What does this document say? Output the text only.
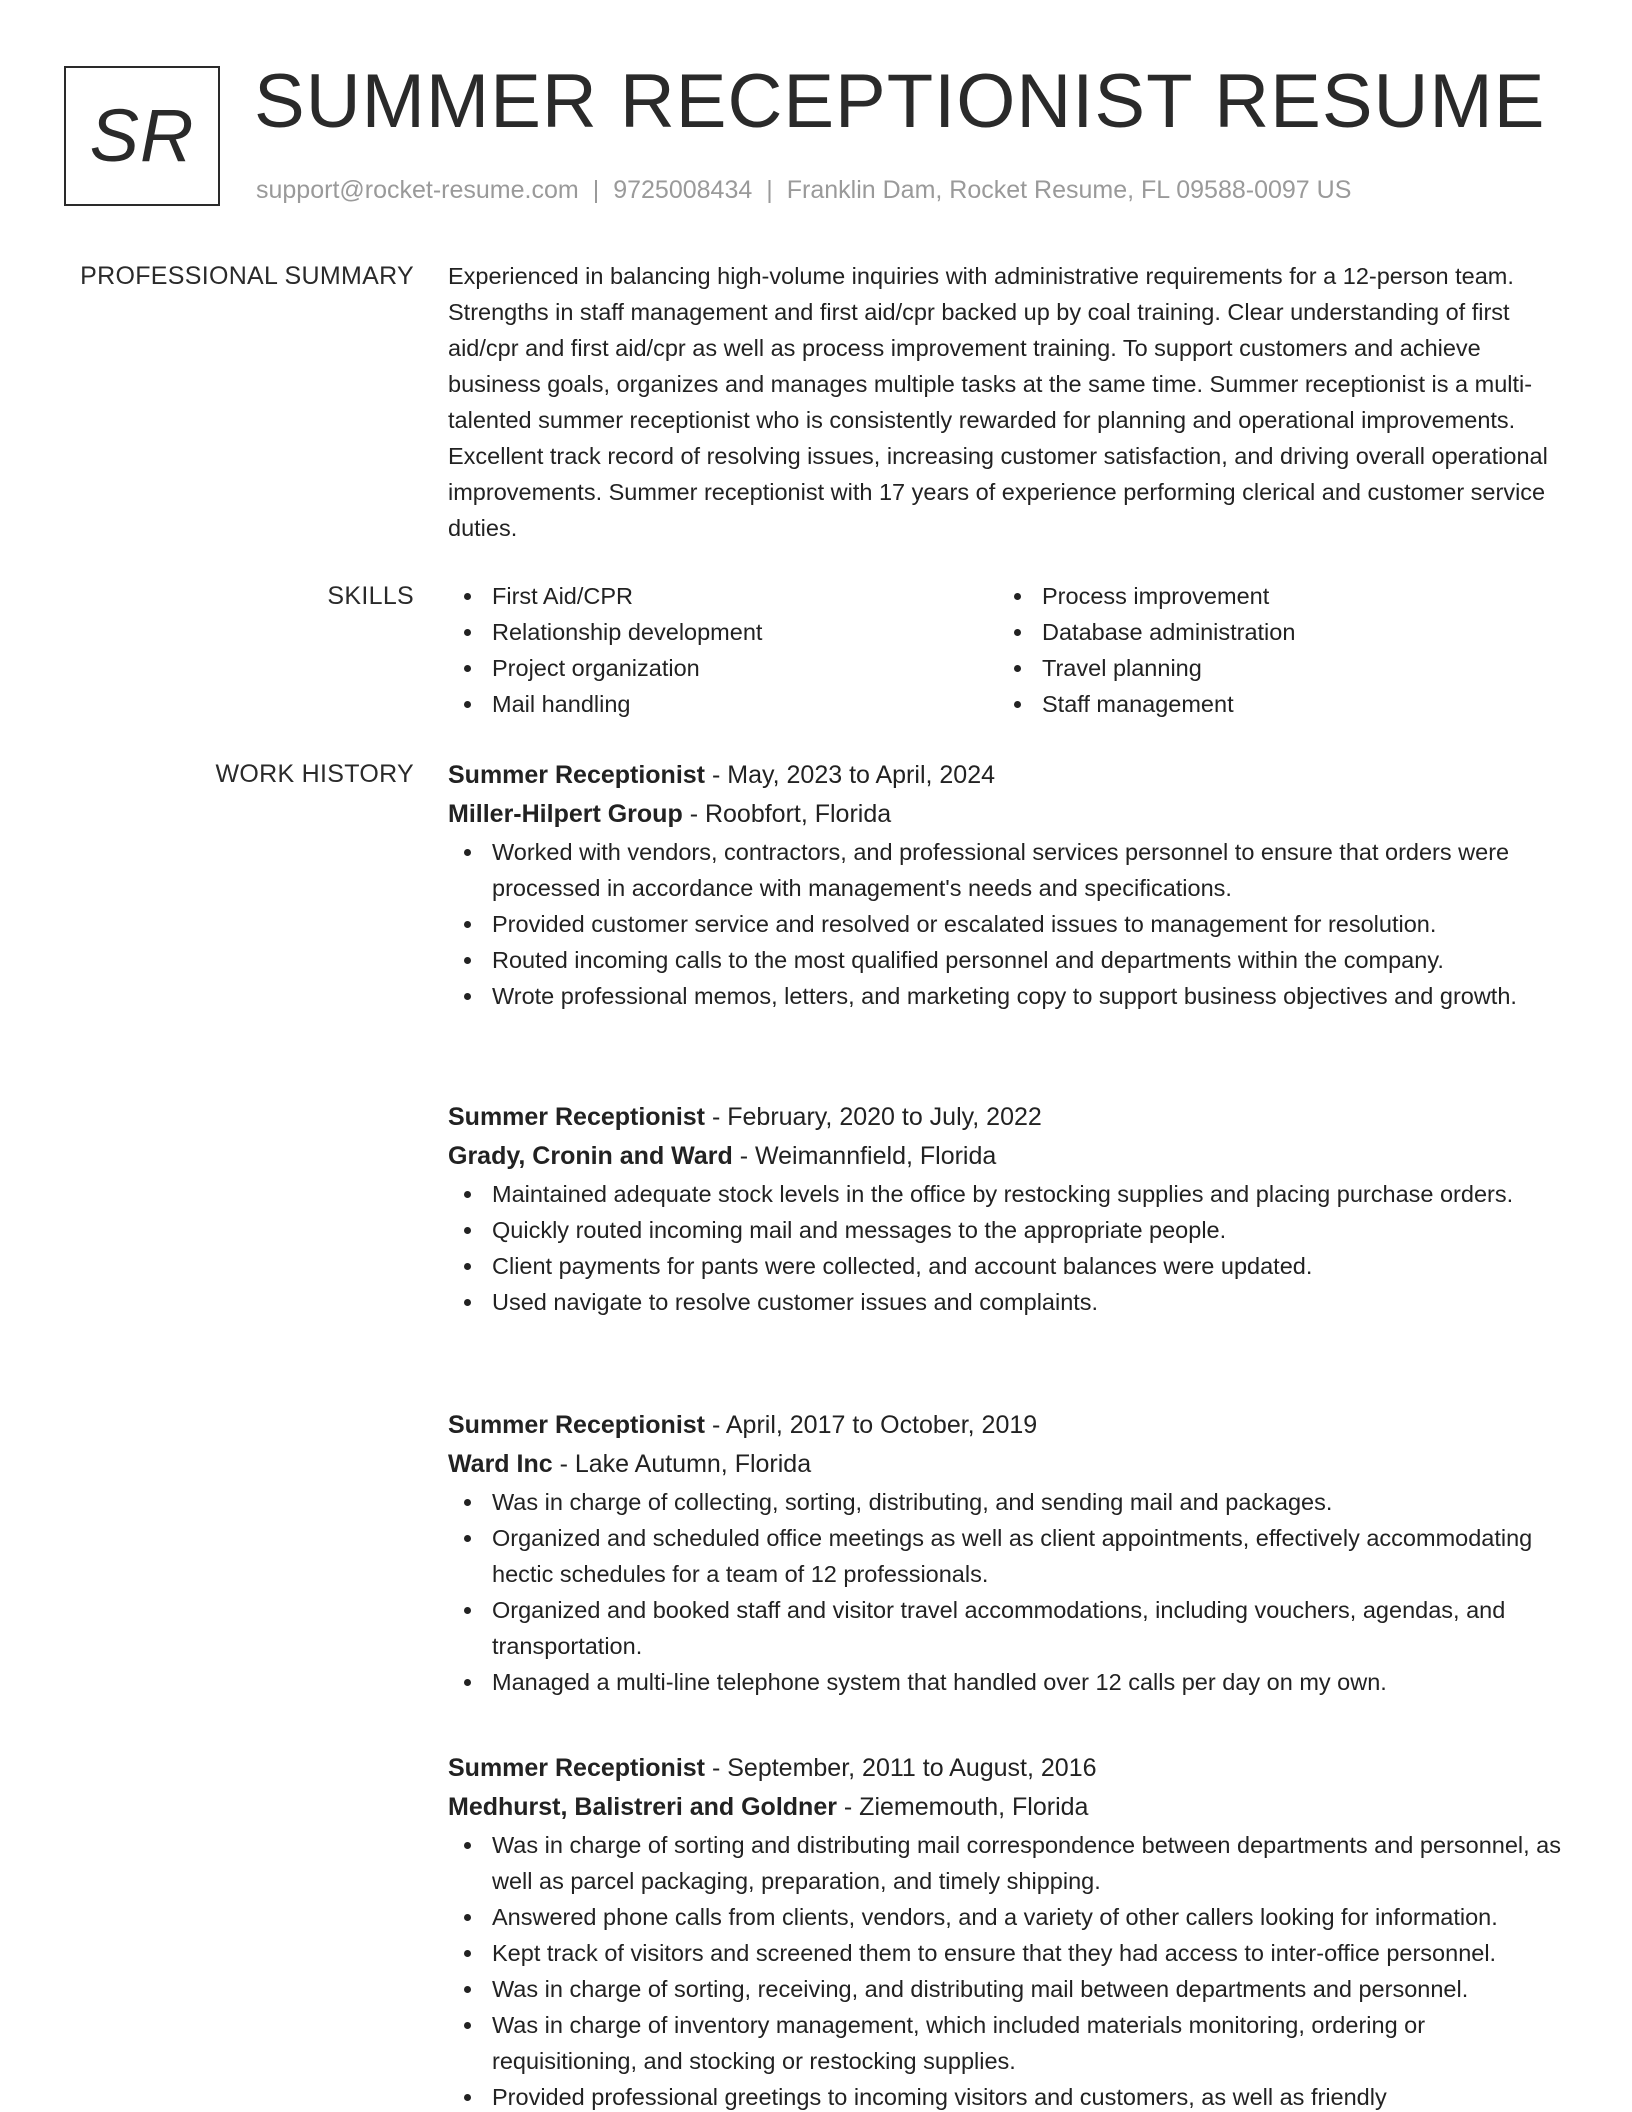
SR SUMMER RECEPTIONIST RESUME
support@rocket-resume.com | 9725008434 | Franklin Dam, Rocket Resume, FL 09588-0097 US
PROFESSIONAL SUMMARY Experienced in balancing high-volume inquiries with administrative requirements for a 12-person team. Strengths in staff management and first aid/cpr backed up by coal training. Clear understanding of first aid/cpr and first aid/cpr as well as process improvement training. To support customers and achieve business goals, organizes and manages multiple tasks at the same time. Summer receptionist is a multi-talented summer receptionist who is consistently rewarded for planning and operational improvements. Excellent track record of resolving issues, increasing customer satisfaction, and driving overall operational improvements. Summer receptionist with 17 years of experience performing clerical and customer service duties.

SKILLS	First Aid/CPR
Relationship development
Project organization
Mail handling
Process improvement
Database administration
Travel planning
Staff management
WORK HISTORY Summer Receptionist - May, 2023 to April, 2024
Miller-Hilpert Group - Roobfort, Florida
Worked with vendors, contractors, and professional services personnel to ensure that orders were processed in accordance with management's needs and specifications.
Provided customer service and resolved or escalated issues to management for resolution.
Routed incoming calls to the most qualified personnel and departments within the company.
Wrote professional memos, letters, and marketing copy to support business objectives and growth.
Summer Receptionist - February, 2020 to July, 2022
Grady, Cronin and Ward - Weimannfield, Florida
Maintained adequate stock levels in the office by restocking supplies and placing purchase orders.
Quickly routed incoming mail and messages to the appropriate people.
Client payments for pants were collected, and account balances were updated.
Used navigate to resolve customer issues and complaints.
Summer Receptionist - April, 2017 to October, 2019
Ward Inc - Lake Autumn, Florida
Was in charge of collecting, sorting, distributing, and sending mail and packages.
Organized and scheduled office meetings as well as client appointments, effectively accommodating hectic schedules for a team of 12 professionals.
Organized and booked staff and visitor travel accommodations, including vouchers, agendas, and transportation.
Managed a multi-line telephone system that handled over 12 calls per day on my own.
Summer Receptionist - September, 2011 to August, 2016
Medhurst, Balistreri and Goldner - Ziememouth, Florida
Was in charge of sorting and distributing mail correspondence between departments and personnel, as well as parcel packaging, preparation, and timely shipping.
Answered phone calls from clients, vendors, and a variety of other callers looking for information.
Kept track of visitors and screened them to ensure that they had access to inter-office personnel.
Was in charge of sorting, receiving, and distributing mail between departments and personnel.
Was in charge of inventory management, which included materials monitoring, ordering or requisitioning, and stocking or restocking supplies.
Provided professional greetings to incoming visitors and customers, as well as friendly
